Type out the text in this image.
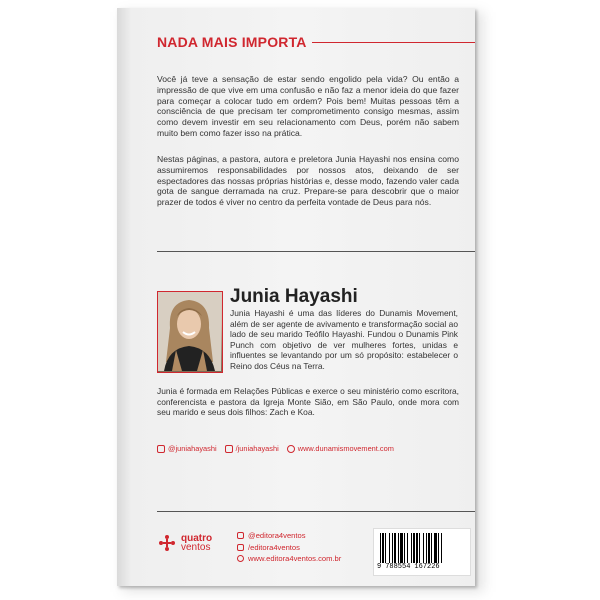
NADA MAIS IMPORTA

Você já teve a sensação de estar sendo engolido pela vida? Ou então a impressão de que vive em uma confusão e não faz a menor ideia do que fazer para começar a colocar tudo em ordem? Pois bem! Muitas pessoas têm a consciência de que precisam ter comprometimento consigo mesmas, assim como devem investir em seu relacionamento com Deus, porém não sabem muito bem como fazer isso na prática.

Nestas páginas, a pastora, autora e preletora Junia Hayashi nos ensina como assumiremos responsabilidades por nossos atos, deixando de ser espectadores das nossas próprias histórias e, desse modo, fazendo valer cada gota de sangue derramada na cruz. Prepare-se para descobrir que o maior prazer de todos é viver no centro da perfeita vontade de Deus para nós.

Junia Hayashi

Junia Hayashi é uma das líderes do Dunamis Movement, além de ser agente de avivamento e transformação social ao lado de seu marido Teófilo Hayashi. Fundou o Dunamis Pink Punch com objetivo de ver mulheres fortes, unidas e influentes se levantando por um só propósito: estabelecer o Reino dos Céus na Terra.

Junia é formada em Relações Públicas e exerce o seu ministério como escritora, conferencista e pastora da Igreja Monte Sião, em São Paulo, onde mora com seu marido e seus dois filhos: Zach e Koa.

@juniahayashi	/juniahayashi	www.dunamismovement.com
quatro
ventos
@editora4ventos
/editora4ventos
www.editora4ventos.com.br
9 788554 167226
